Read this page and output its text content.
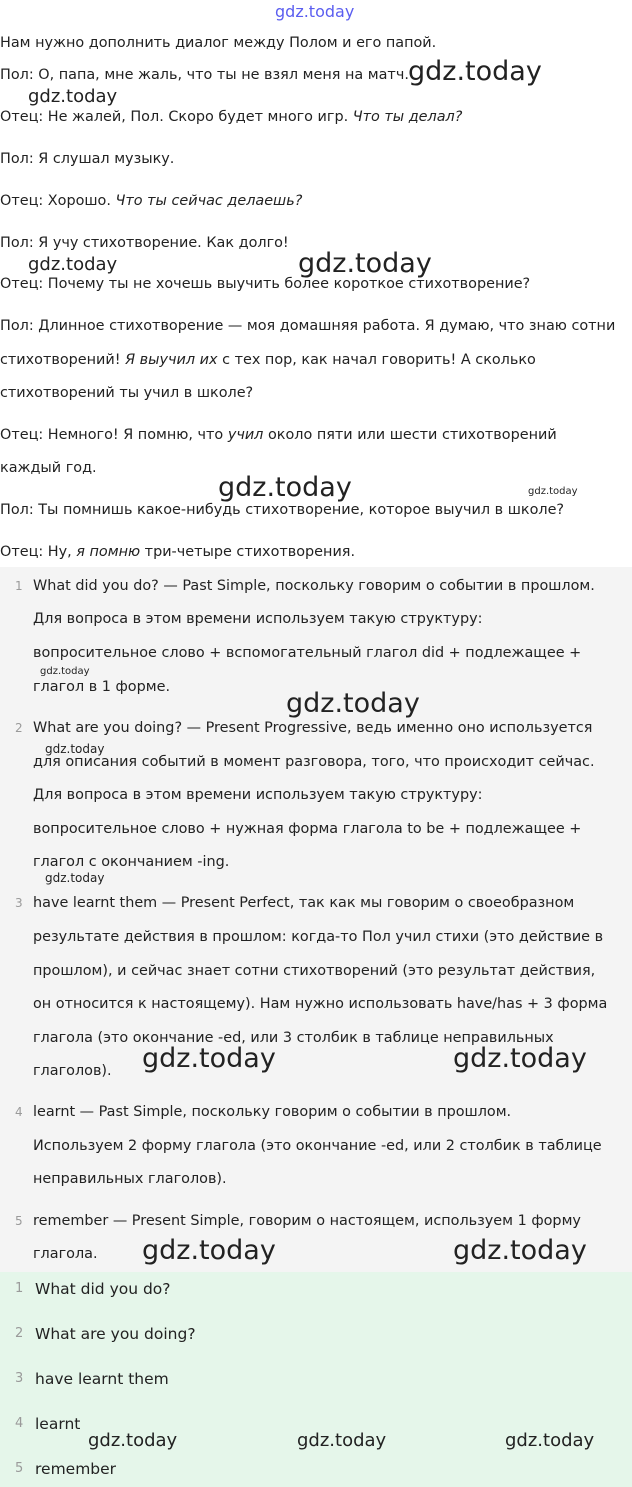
gdz.today
Нам нужно дополнить диалог между Полом и его папой.
Пол: О, папа, мне жаль, что ты не взял меня на матч.
Отец: Не жалей, Пол. Скоро будет много игр. Что ты делал?
Пол: Я слушал музыку.
Отец: Хорошо. Что ты сейчас делаешь?
Пол: Я учу стихотворение. Как долго!
Отец: Почему ты не хочешь выучить более короткое стихотворение?
Пол: Длинное стихотворение — моя домашняя работа. Я думаю, что знаю сотни
стихотворений! Я выучил их с тех пор, как начал говорить! А сколько
стихотворений ты учил в школе?
Отец: Немного! Я помню, что учил около пяти или шести стихотворений
каждый год.
Пол: Ты помнишь какое-нибудь стихотворение, которое выучил в школе?
Отец: Ну, я помню три-четыре стихотворения.
1 What did you do? — Past Simple, поскольку говорим о событии в прошлом.
Для вопроса в этом времени используем такую структуру:
вопросительное слово + вспомогательный глагол did + подлежащее +
глагол в 1 форме.
2 What are you doing? — Present Progressive, ведь именно оно используется
для описания событий в момент разговора, того, что происходит сейчас.
Для вопроса в этом времени используем такую структуру:
вопросительное слово + нужная форма глагола to be + подлежащее +
глагол с окончанием -ing.
3 have learnt them — Present Perfect, так как мы говорим о своеобразном
результате действия в прошлом: когда-то Пол учил стихи (это действие в
прошлом), и сейчас знает сотни стихотворений (это результат действия,
он относится к настоящему). Нам нужно использовать have/has + 3 форма
глагола (это окончание -ed, или 3 столбик в таблице неправильных
глаголов).
4 learnt — Past Simple, поскольку говорим о событии в прошлом.
Используем 2 форму глагола (это окончание -ed, или 2 столбик в таблице
неправильных глаголов).
5 remember — Present Simple, говорим о настоящем, используем 1 форму
глагола.
1 What did you do?
2 What are you doing?
3 have learnt them
4 learnt
5 remember
gdz.today
gdz.today
gdz.today	gdz.today
gdz.today	gdz.today
gdz.today
gdz.today
gdz.today
gdz.today
gdz.today	gdz.today
gdz.today	gdz.today
gdz.today	gdz.today	gdz.today
